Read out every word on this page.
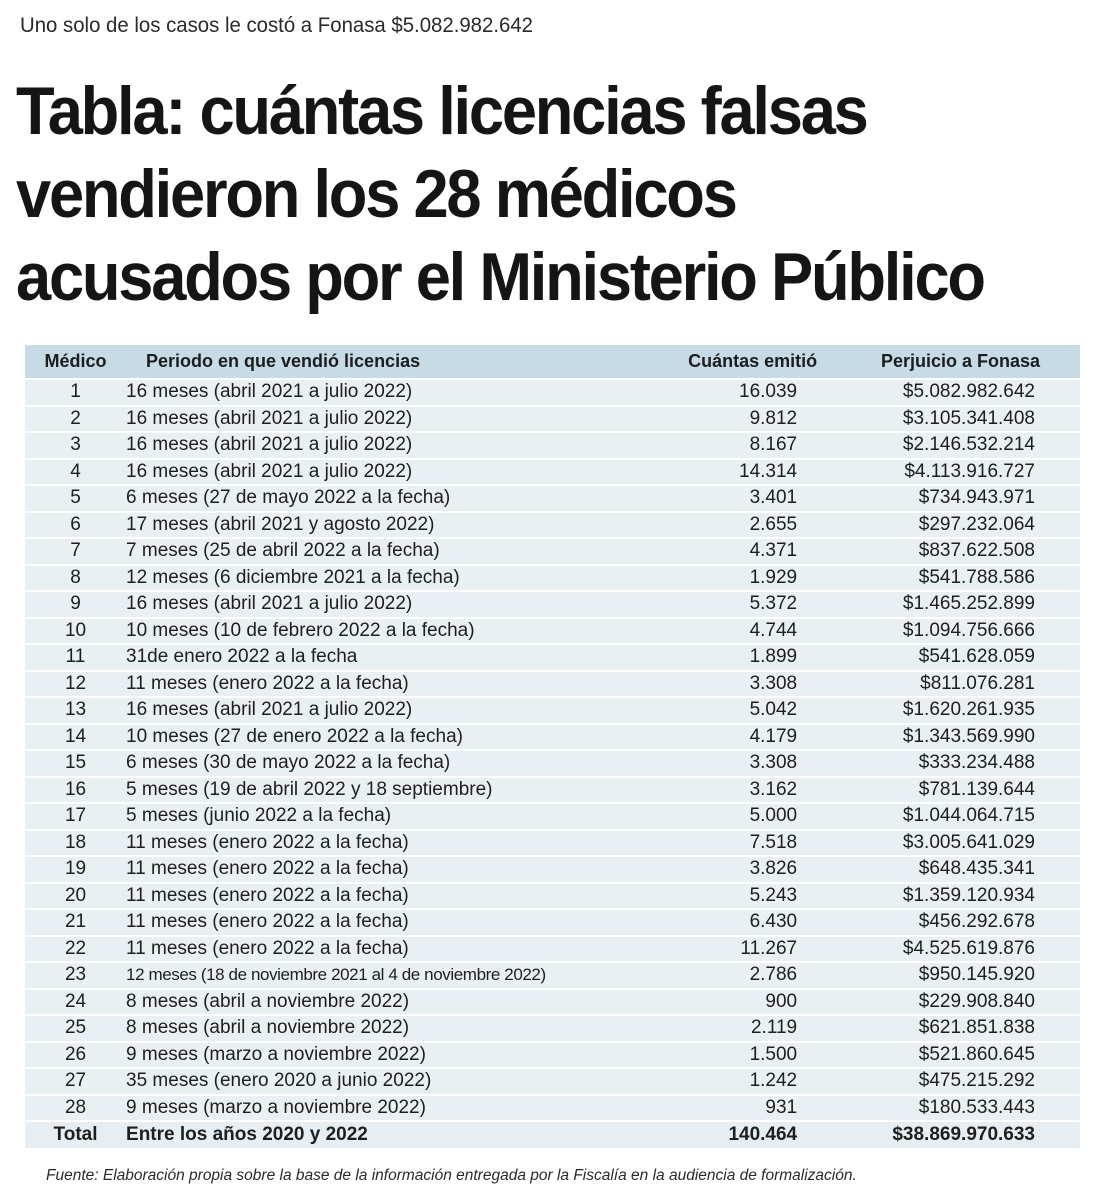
Uno solo de los casos le costó a Fonasa $5.082.982.642
Tabla: cuántas licencias falsas
vendieron los 28 médicos
acusados por el Ministerio Público
Médico	Periodo en que vendió licencias	Cuántas emitió	Perjuicio a Fonasa
1	16 meses (abril 2021 a julio 2022)	16.039	$5.082.982.642
2	16 meses (abril 2021 a julio 2022)	9.812	$3.105.341.408
3	16 meses (abril 2021 a julio 2022)	8.167	$2.146.532.214
4	16 meses (abril 2021 a julio 2022)	14.314	$4.113.916.727
5	6 meses (27 de mayo 2022 a la fecha)	3.401	$734.943.971
6	17 meses (abril 2021 y agosto 2022)	2.655	$297.232.064
7	7 meses (25 de abril 2022 a la fecha)	4.371	$837.622.508
8	12 meses (6 diciembre 2021 a la fecha)	1.929	$541.788.586
9	16 meses (abril 2021 a julio 2022)	5.372	$1.465.252.899
10	10 meses (10 de febrero 2022 a la fecha)	4.744	$1.094.756.666
11	31de enero 2022 a la fecha	1.899	$541.628.059
12	11 meses (enero 2022 a la fecha)	3.308	$811.076.281
13	16 meses (abril 2021 a julio 2022)	5.042	$1.620.261.935
14	10 meses (27 de enero 2022 a la fecha)	4.179	$1.343.569.990
15	6 meses (30 de mayo 2022 a la fecha)	3.308	$333.234.488
16	5 meses (19 de abril 2022 y 18 septiembre)	3.162	$781.139.644
17	5 meses (junio 2022 a la fecha)	5.000	$1.044.064.715
18	11 meses (enero 2022 a la fecha)	7.518	$3.005.641.029
19	11 meses (enero 2022 a la fecha)	3.826	$648.435.341
20	11 meses (enero 2022 a la fecha)	5.243	$1.359.120.934
21	11 meses (enero 2022 a la fecha)	6.430	$456.292.678
22	11 meses (enero 2022 a la fecha)	11.267	$4.525.619.876
23	12 meses (18 de noviembre 2021 al 4 de noviembre 2022)	2.786	$950.145.920
24	8 meses (abril a noviembre 2022)	900	$229.908.840
25	8 meses (abril a noviembre 2022)	2.119	$621.851.838
26	9 meses (marzo a noviembre 2022)	1.500	$521.860.645
27	35 meses (enero 2020 a junio 2022)	1.242	$475.215.292
28	9 meses (marzo a noviembre 2022)	931	$180.533.443
Total	Entre los años 2020 y 2022	140.464	$38.869.970.633
Fuente: Elaboración propia sobre la base de la información entregada por la Fiscalía en la audiencia de formalización.
